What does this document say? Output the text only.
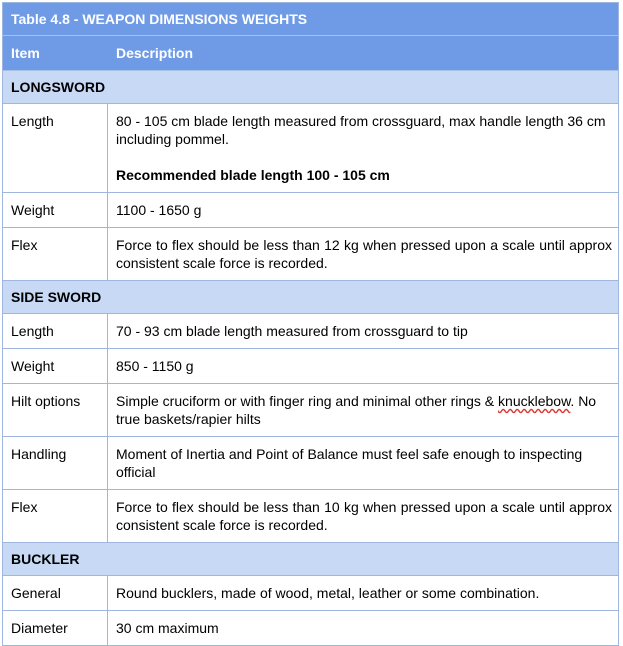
Table 4.8 - WEAPON DIMENSIONS WEIGHTS
Item	Description
LONGSWORD
Length	80 - 105 cm blade length measured from crossguard, max handle length 36 cm including pommel.
Recommended blade length 100 - 105 cm
Weight	1100 - 1650 g
Flex	Force to flex should be less than 12 kg when pressed upon a scale until approx consistent scale force is recorded.
SIDE SWORD
Length	70 - 93 cm blade length measured from crossguard to tip
Weight	850 - 1150 g
Hilt options	Simple cruciform or with finger ring and minimal other rings & knucklebow. No true baskets/rapier hilts
Handling	Moment of Inertia and Point of Balance must feel safe enough to inspecting official
Flex	Force to flex should be less than 10 kg when pressed upon a scale until approx consistent scale force is recorded.
BUCKLER
General	Round bucklers, made of wood, metal, leather or some combination.
Diameter	30 cm maximum
